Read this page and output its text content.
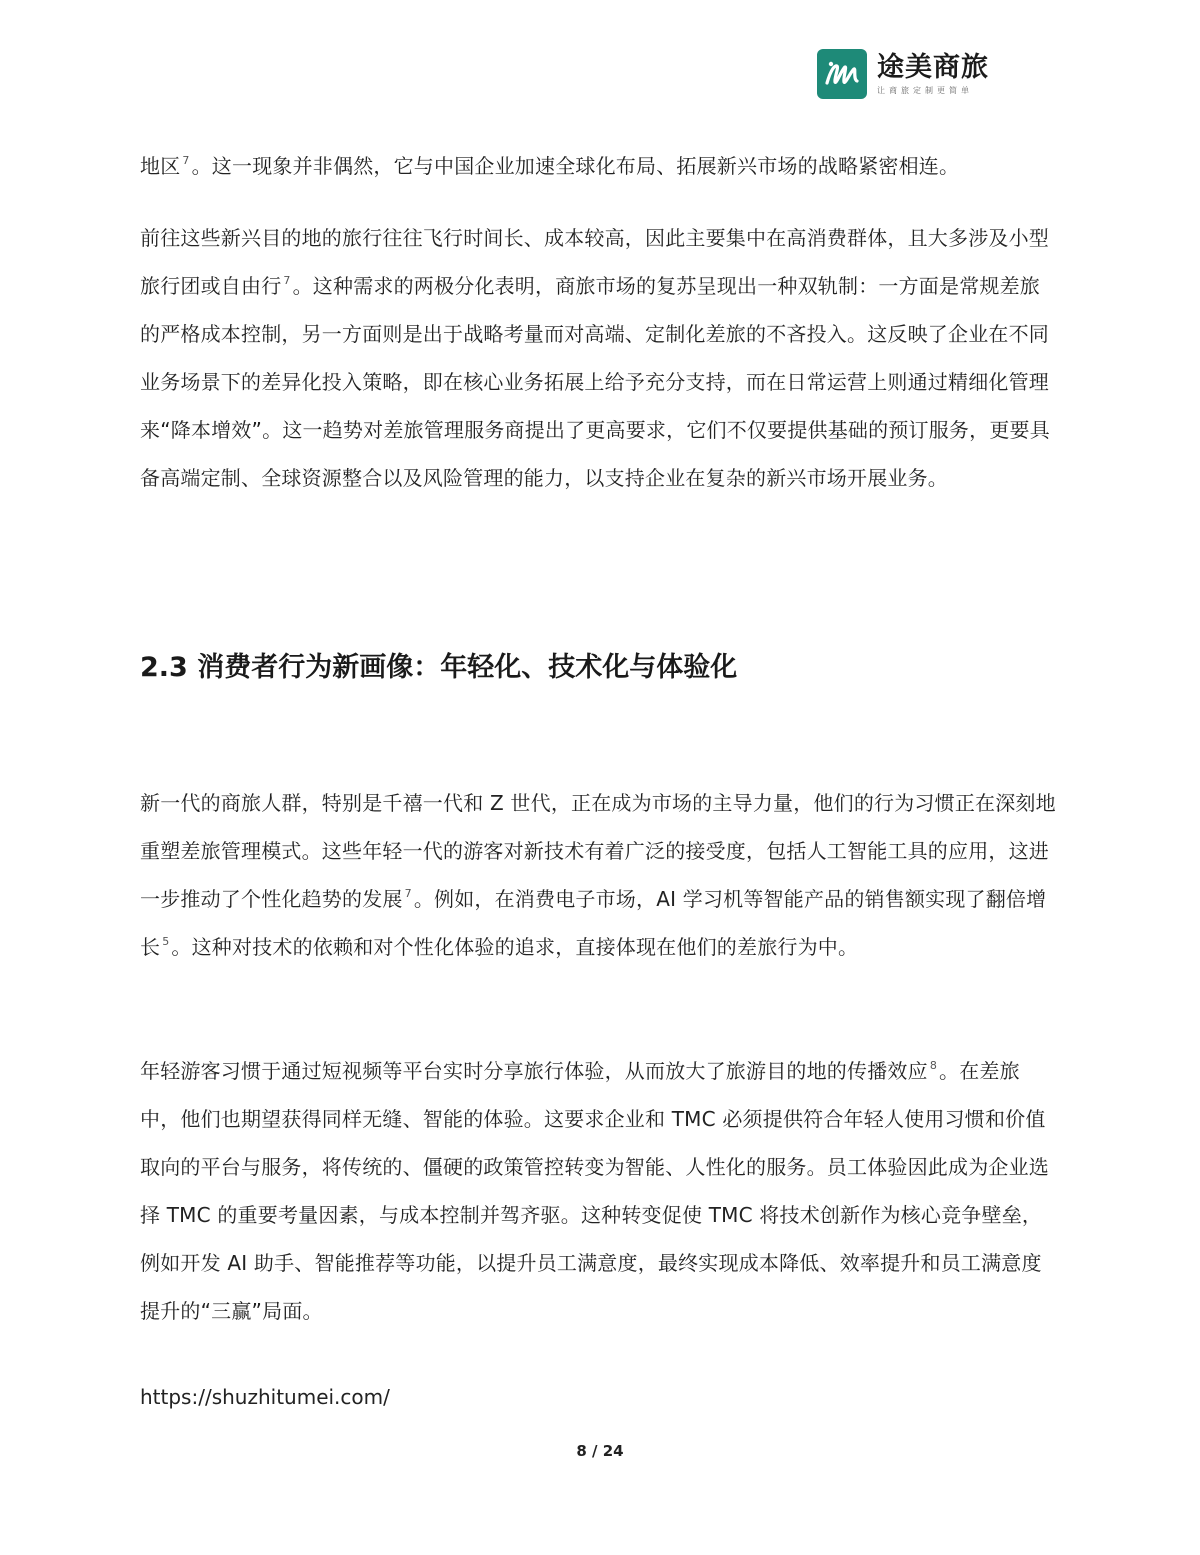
途美商旅
让商旅定制更简单

地区 $^7$ 。这一现象并非偶然，它与中国企业加速全球化布局、拓展新兴市场的战略紧密相连。

前往这些新兴目的地的旅行往往飞行时间长、成本较高，因此主要集中在高消费群体，且大多涉及小型旅行团或自由行 $^7$ 。这种需求的两极分化表明，商旅市场的复苏呈现出一种双轨制：一方面是常规差旅的严格成本控制，另一方面则是出于战略考量而对高端、定制化差旅的不吝投入。这反映了企业在不同业务场景下的差异化投入策略，即在核心业务拓展上给予充分支持，而在日常运营上则通过精细化管理来“降本增效”。这一趋势对差旅管理服务商提出了更高要求，它们不仅要提供基础的预订服务，更要具备高端定制、全球资源整合以及风险管理的能力，以支持企业在复杂的新兴市场开展业务。

2.3 消费者行为新画像：年轻化、技术化与体验化

新一代的商旅人群，特别是千禧一代和 Z 世代，正在成为市场的主导力量，他们的行为习惯正在深刻地重塑差旅管理模式。这些年轻一代的游客对新技术有着广泛的接受度，包括人工智能工具的应用，这进一步推动了个性化趋势的发展 $^7$ 。例如，在消费电子市场，AI 学习机等智能产品的销售额实现了翻倍增长 $^5$ 。这种对技术的依赖和对个性化体验的追求，直接体现在他们的差旅行为中。

年轻游客习惯于通过短视频等平台实时分享旅行体验，从而放大了旅游目的地的传播效应 $^8$ 。在差旅中，他们也期望获得同样无缝、智能的体验。这要求企业和 TMC 必须提供符合年轻人使用习惯和价值取向的平台与服务，将传统的、僵硬的政策管控转变为智能、人性化的服务。员工体验因此成为企业选择 TMC 的重要考量因素，与成本控制并驾齐驱。这种转变促使 TMC 将技术创新作为核心竞争壁垒，例如开发 AI 助手、智能推荐等功能，以提升员工满意度，最终实现成本降低、效率提升和员工满意度提升的“三赢”局面。

https://shuzhitumei.com/
8 / 24
